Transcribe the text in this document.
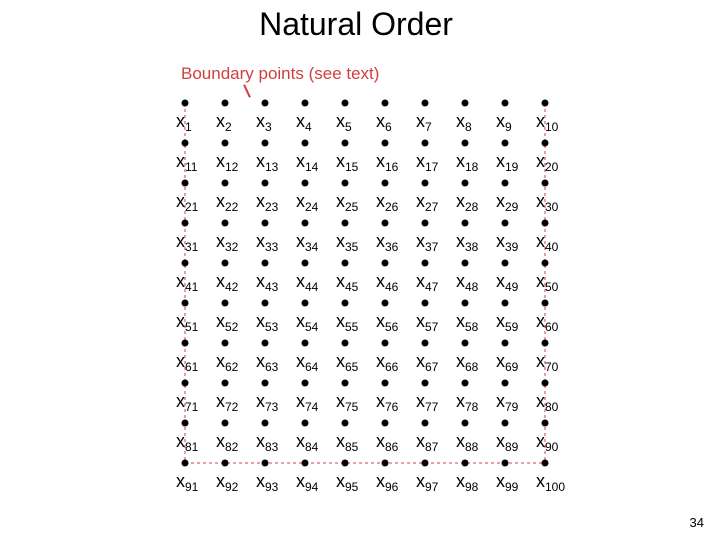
Natural Order
Boundary points (see text)
$x_1$ $x_2$ $x_3$ $x_4$ $x_5$ $x_6$ $x_7$ $x_8$ $x_9$ $x_{10}$
$x_{11}$ $x_{12}$ $x_{13}$ $x_{14}$ $x_{15}$ $x_{16}$ $x_{17}$ $x_{18}$ $x_{19}$ $x_{20}$
$x_{21}$ $x_{22}$ $x_{23}$ $x_{24}$ $x_{25}$ $x_{26}$ $x_{27}$ $x_{28}$ $x_{29}$ $x_{30}$
$x_{31}$ $x_{32}$ $x_{33}$ $x_{34}$ $x_{35}$ $x_{36}$ $x_{37}$ $x_{38}$ $x_{39}$ $x_{40}$
$x_{41}$ $x_{42}$ $x_{43}$ $x_{44}$ $x_{45}$ $x_{46}$ $x_{47}$ $x_{48}$ $x_{49}$ $x_{50}$
$x_{51}$ $x_{52}$ $x_{53}$ $x_{54}$ $x_{55}$ $x_{56}$ $x_{57}$ $x_{58}$ $x_{59}$ $x_{60}$
$x_{61}$ $x_{62}$ $x_{63}$ $x_{64}$ $x_{65}$ $x_{66}$ $x_{67}$ $x_{68}$ $x_{69}$ $x_{70}$
$x_{71}$ $x_{72}$ $x_{73}$ $x_{74}$ $x_{75}$ $x_{76}$ $x_{77}$ $x_{78}$ $x_{79}$ $x_{80}$
$x_{81}$ $x_{82}$ $x_{83}$ $x_{84}$ $x_{85}$ $x_{86}$ $x_{87}$ $x_{88}$ $x_{89}$ $x_{90}$
$x_{91}$ $x_{92}$ $x_{93}$ $x_{94}$ $x_{95}$ $x_{96}$ $x_{97}$ $x_{98}$ $x_{99}$ $x_{100}$
34
